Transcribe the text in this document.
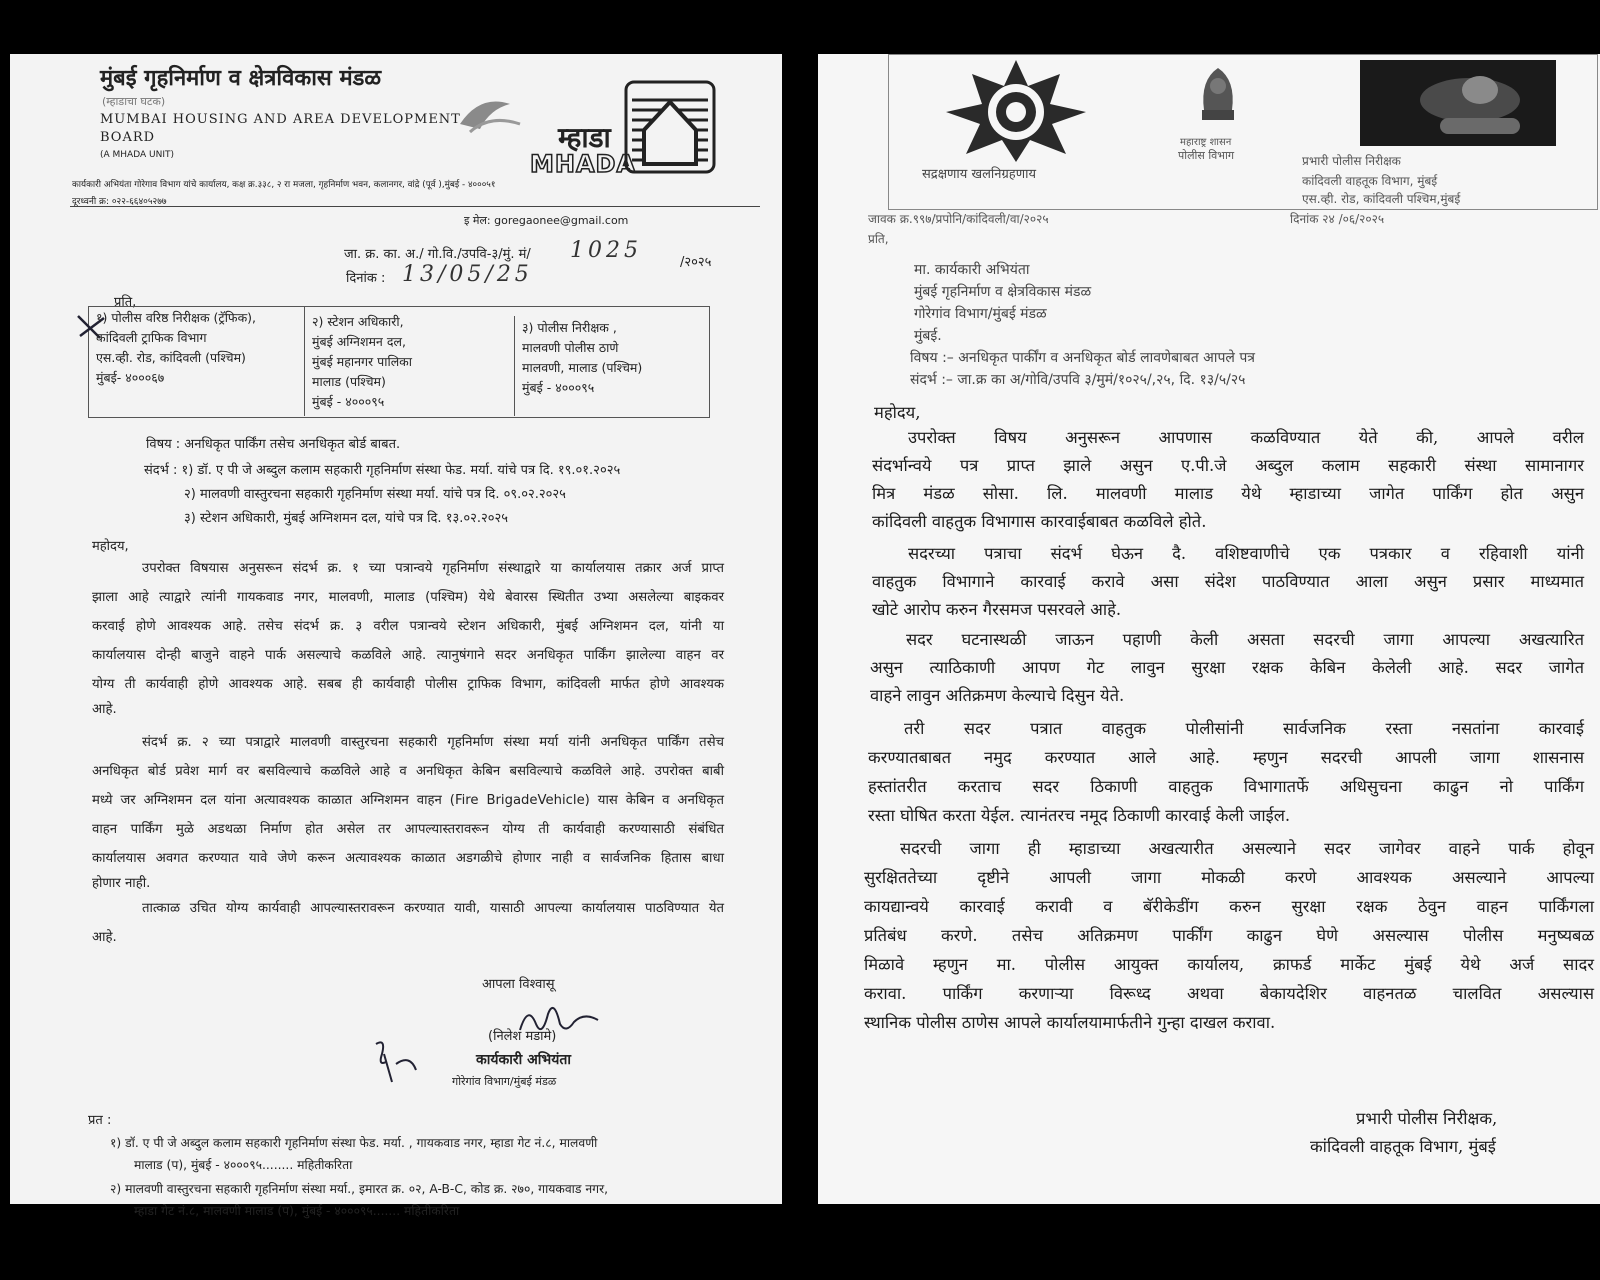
मुंबई गृहनिर्माण व क्षेत्रविकास मंडळ
(म्हाडाचा घटक)
MUMBAI HOUSING AND AREA DEVELOPMENT
BOARD
(A MHADA UNIT)
म्हाडा
MHADA
कार्यकारी अभियंता गोरेगाव विभाग यांचे कार्यालय, कक्ष क्र.३३८, २ रा मजला, गृहनिर्माण भवन, कलानगर, वांद्रे (पूर्व ),मुंबई - ४०००५१
दूरध्वनी क्र: ०२२-६६४०५२७७
इ मेल: goregaonee@gmail.com
जा. क्र. का. अ./ गो.वि./उपवि-३/मुं. मं/ 1025	/२०२५
दिनांक : 13/05/25
प्रति,
१) पोलीस वरिष्ठ निरीक्षक (ट्रॅफिक),
कांदिवली ट्राफिक विभाग
एस.व्ही. रोड, कांदिवली (पश्चिम)
मुंबई- ४०००६७
२) स्टेशन अधिकारी,
मुंबई अग्निशमन दल,
मुंबई महानगर पालिका
मालाड (पश्चिम)
मुंबई - ४०००९५
३) पोलीस निरीक्षक ,
मालवणी पोलीस ठाणे
मालवणी, मालाड (पश्चिम)
मुंबई - ४०००९५
विषय : अनधिकृत पार्किंग तसेच अनधिकृत बोर्ड बाबत.
संदर्भ : १) डॉ. ए पी जे अब्दुल कलाम सहकारी गृहनिर्माण संस्था फेड. मर्या. यांचे पत्र दि. १९.०१.२०२५
२) मालवणी वास्तुरचना सहकारी गृहनिर्माण संस्था मर्या. यांचे पत्र दि. ०९.०२.२०२५
३) स्टेशन अधिकारी, मुंबई अग्निशमन दल, यांचे पत्र दि. १३.०२.२०२५
महोदय,
उपरोक्त विषयास अनुसरून संदर्भ क्र. १ च्या पत्रान्वये गृहनिर्माण संस्थाद्वारे या कार्यालयास तक्रार अर्ज प्राप्त
झाला आहे त्याद्वारे त्यांनी गायकवाड नगर, मालवणी, मालाड (पश्चिम) येथे बेवारस स्थितीत उभ्या असलेल्या बाइकवर
करवाई होणे आवश्यक आहे. तसेच संदर्भ क्र. ३ वरील पत्रान्वये स्टेशन अधिकारी, मुंबई अग्निशमन दल, यांनी या
कार्यालयास दोन्ही बाजुने वाहने पार्क असल्याचे कळविले आहे. त्यानुषंगाने सदर अनधिकृत पार्किंग झालेल्या वाहन वर
योग्य ती कार्यवाही होणे आवश्यक आहे. सबब ही कार्यवाही पोलीस ट्राफिक विभाग, कांदिवली मार्फत होणे आवश्यक
आहे.
संदर्भ क्र. २ च्या पत्राद्वारे मालवणी वास्तुरचना सहकारी गृहनिर्माण संस्था मर्या यांनी अनधिकृत पार्किंग तसेच
अनधिकृत बोर्ड प्रवेश मार्ग वर बसविल्याचे कळविले आहे व अनधिकृत केबिन बसविल्याचे कळविले आहे. उपरोक्त बाबी
मध्ये जर अग्निशमन दल यांना अत्यावश्यक काळात अग्निशमन वाहन (Fire BrigadeVehicle) यास केबिन व अनधिकृत
वाहन पार्किंग मुळे अडथळा निर्माण होत असेल तर आपल्यास्तरावरून योग्य ती कार्यवाही करण्यासाठी संबंधित
कार्यालयास अवगत करण्यात यावे जेणे करून अत्यावश्यक काळात अडगळीचे होणार नाही व सार्वजनिक हितास बाधा
होणार नाही.
तात्काळ उचित योग्य कार्यवाही आपल्यास्तरावरून करण्यात यावी, यासाठी आपल्या कार्यालयास पाठविण्यात येत
आहे.
आपला विश्वासू
(निलेश मडामे)
कार्यकारी अभियंता
गोरेगांव विभाग/मुंबई मंडळ
प्रत :
१) डॉ. ए पी जे अब्दुल कलाम सहकारी गृहनिर्माण संस्था फेड. मर्या. , गायकवाड नगर, म्हाडा गेट नं.८, मालवणी
मालाड (प), मुंबई - ४०००९५........ महितीकरिता
२) मालवणी वास्तुरचना सहकारी गृहनिर्माण संस्था मर्या., इमारत क्र. ०२, A-B-C, कोड क्र. २७०, गायकवाड नगर,
म्हाडा गेट नं.८, मालवणी मालाड (प), मुंबई - ४०००९५....... महितीकरिता
सद्रक्षणाय खलनिग्रहणाय
महाराष्ट्र शासन
पोलीस विभाग	प्रभारी पोलीस निरीक्षक
कांदिवली वाहतूक विभाग, मुंबई
एस.व्ही. रोड, कांदिवली पश्चिम,मुंबई
जावक क्र.९९७/प्रपोनि/कांदिवली/वा/२०२५	दिनांक २४ /०६/२०२५
प्रति,
मा. कार्यकारी अभियंता
मुंबई गृहनिर्माण व क्षेत्रविकास मंडळ
गोरेगांव विभाग/मुंबई मंडळ
मुंबई.
विषय :– अनधिकृत पार्कींग व अनधिकृत बोर्ड लावणेबाबत आपले पत्र
संदर्भ :– जा.क्र का अ/गोवि/उपवि ३/मुमं/१०२५/,२५, दि. १३/५/२५
महोदय,
उपरोक्त विषय अनुसरून आपणास कळविण्यात येते की, आपले वरील
संदर्भान्वये पत्र प्राप्त झाले असुन ए.पी.जे अब्दुल कलाम सहकारी संस्था सामानागर
मित्र मंडळ सोसा. लि. मालवणी मालाड येथे म्हाडाच्या जागेत पार्किंग होत असुन
कांदिवली वाहतुक विभागास कारवाईबाबत कळविले होते.
सदरच्या पत्राचा संदर्भ घेऊन दै. वशिष्टवाणीचे एक पत्रकार व रहिवाशी यांनी
वाहतुक विभागाने कारवाई करावे असा संदेश पाठविण्यात आला असुन प्रसार माध्यमात
खोटे आरोप करुन गैरसमज पसरवले आहे.
सदर घटनास्थळी जाऊन पहाणी केली असता सदरची जागा आपल्या अखत्यारित
असुन त्याठिकाणी आपण गेट लावुन सुरक्षा रक्षक केबिन केलेली आहे. सदर जागेत
वाहने लावुन अतिक्रमण केल्याचे दिसुन येते.
तरी सदर पत्रात वाहतुक पोलीसांनी सार्वजनिक रस्ता नसतांना कारवाई
करण्यातबाबत नमुद करण्यात आले आहे. म्हणुन सदरची आपली जागा शासनास
हस्तांतरीत करताच सदर ठिकाणी वाहतुक विभागातर्फे अधिसुचना काढुन नो पार्किंग
रस्ता घोषित करता येईल. त्यानंतरच नमूद ठिकाणी कारवाई केली जाईल.
सदरची जागा ही म्हाडाच्या अखत्यारीत असल्याने सदर जागेवर वाहने पार्क होवून
सुरक्षिततेच्या दृष्टीने आपली जागा मोकळी करणे आवश्यक असल्याने आपल्या
कायद्यान्वये कारवाई करावी व बॅरीकेडींग करुन सुरक्षा रक्षक ठेवुन वाहन पार्किंगला
प्रतिबंध करणे. तसेच अतिक्रमण पार्कींग काढुन घेणे असल्यास पोलीस मनुष्यबळ
मिळावे म्हणुन मा. पोलीस आयुक्त कार्यालय, क्राफर्ड मार्केट मुंबई येथे अर्ज सादर
करावा. पार्किंग करणाऱ्या विरूध्द अथवा बेकायदेशिर वाहनतळ चालवित असल्यास
स्थानिक पोलीस ठाणेस आपले कार्यालयामार्फतीने गुन्हा दाखल करावा.
प्रभारी पोलीस निरीक्षक,
कांदिवली वाहतूक विभाग, मुंबई
